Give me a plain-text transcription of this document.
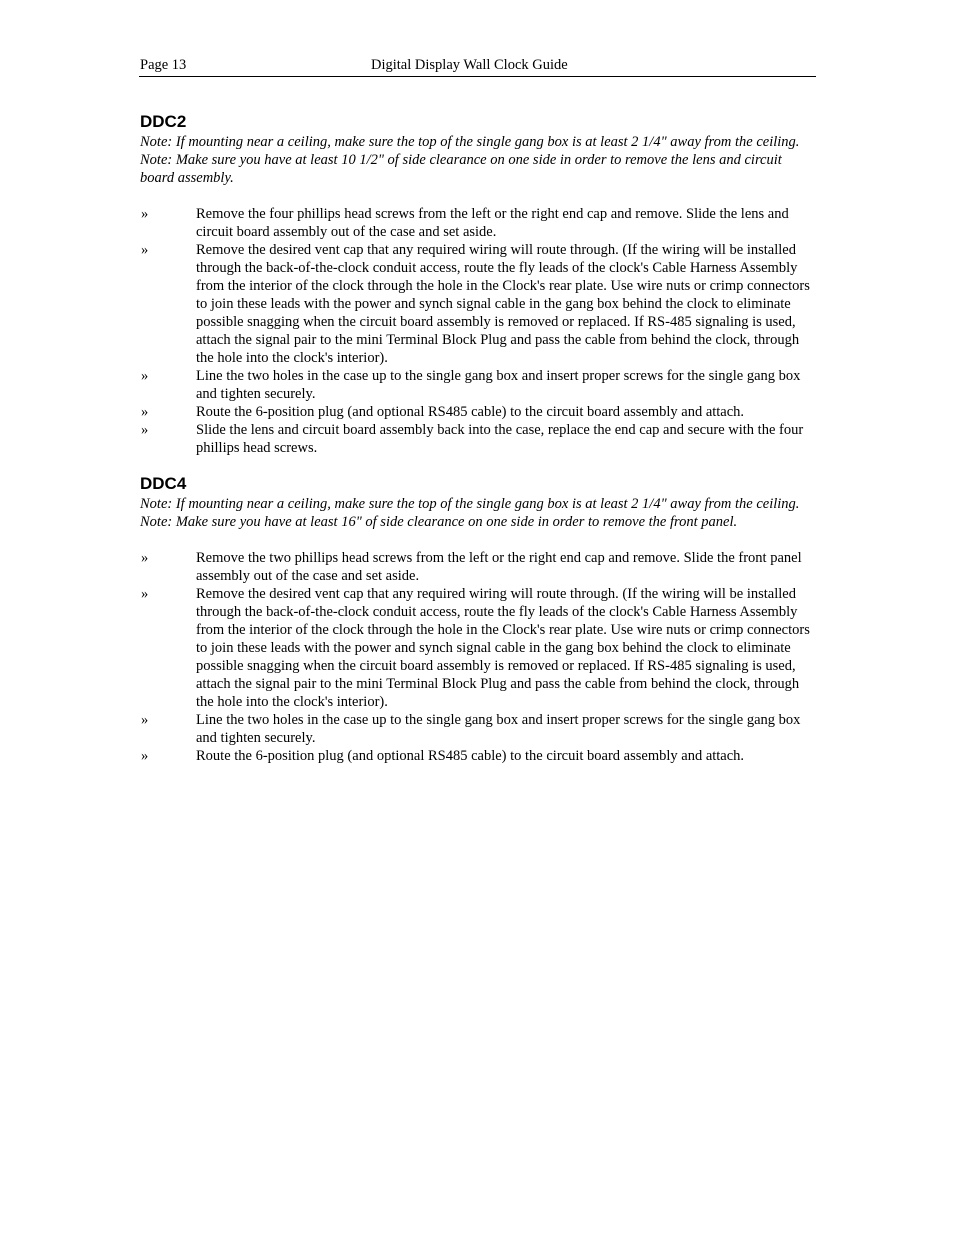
Page 13	Digital Display Wall Clock Guide
DDC2

Note: If mounting near a ceiling, make sure the top of the single gang box is at least 2 1/4" away from the ceiling.

Note: Make sure you have at least 10 1/2" of side clearance on one side in order to remove the lens and circuit board assembly.

»	Remove the four phillips head screws from the left or the right end cap and remove. Slide the lens and circuit board assembly out of the case and set aside.
»	Remove the desired vent cap that any required wiring will route through. (If the wiring will be installed through the back-of-the-clock conduit access, route the fly leads of the clock's Cable Harness Assembly from the interior of the clock through the hole in the Clock's rear plate. Use wire nuts or crimp connectors to join these leads with the power and synch signal cable in the gang box behind the clock to eliminate possible snagging when the circuit board assembly is removed or replaced. If RS-485 signaling is used, attach the signal pair to the mini Terminal Block Plug and pass the cable from behind the clock, through the hole into the clock's interior).
»	Line the two holes in the case up to the single gang box and insert proper screws for the single gang box and tighten securely.
»	Route the 6-position plug (and optional RS485 cable) to the circuit board assembly and attach.
»	Slide the lens and circuit board assembly back into the case, replace the end cap and secure with the four phillips head screws.
DDC4

Note: If mounting near a ceiling, make sure the top of the single gang box is at least 2 1/4" away from the ceiling.

Note: Make sure you have at least 16" of side clearance on one side in order to remove the front panel.

»	Remove the two phillips head screws from the left or the right end cap and remove. Slide the front panel assembly out of the case and set aside.
»	Remove the desired vent cap that any required wiring will route through. (If the wiring will be installed through the back-of-the-clock conduit access, route the fly leads of the clock's Cable Harness Assembly from the interior of the clock through the hole in the Clock's rear plate. Use wire nuts or crimp connectors to join these leads with the power and synch signal cable in the gang box behind the clock to eliminate possible snagging when the circuit board assembly is removed or replaced. If RS-485 signaling is used, attach the signal pair to the mini Terminal Block Plug and pass the cable from behind the clock, through the hole into the clock's interior).
»	Line the two holes in the case up to the single gang box and insert proper screws for the single gang box and tighten securely.
»	Route the 6-position plug (and optional RS485 cable) to the circuit board assembly and attach.
